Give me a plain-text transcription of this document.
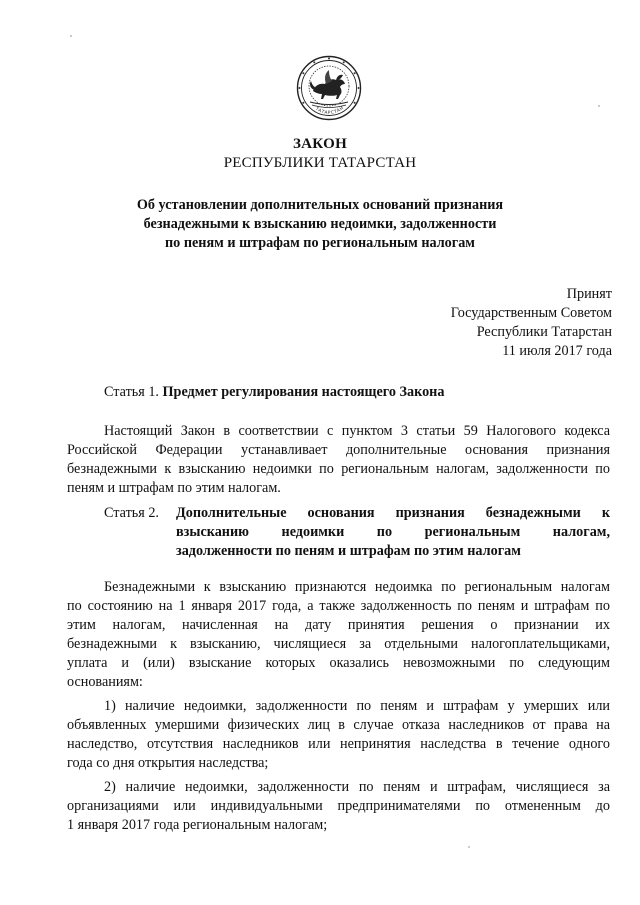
ТАТАРСТАН
ЗАКОН
РЕСПУБЛИКИ ТАТАРСТАН
Об установлении дополнительных оснований признания
безнадежными к взысканию недоимки, задолженности
по пеням и штрафам по региональным налогам
Принят
Государственным Советом
Республики Татарстан
11 июля 2017 года
Статья 1. Предмет регулирования настоящего Закона
Настоящий Закон в соответствии с пунктом 3 статьи 59 Налогового кодекса
Российской Федерации устанавливает дополнительные основания признания
безнадежными к взысканию недоимки по региональным налогам, задолженности по
пеням и штрафам по этим налогам.
Статья 2. Дополнительные основания признания безнадежными к
взысканию недоимки по региональным налогам,
задолженности по пеням и штрафам по этим налогам
Безнадежными к взысканию признаются недоимка по региональным налогам
по состоянию на 1 января 2017 года, а также задолженность по пеням и штрафам по
этим налогам, начисленная на дату принятия решения о признании их
безнадежными к взысканию, числящиеся за отдельными налогоплательщиками,
уплата и (или) взыскание которых оказались невозможными по следующим
основаниям:
1) наличие недоимки, задолженности по пеням и штрафам у умерших или
объявленных умершими физических лиц в случае отказа наследников от права на
наследство, отсутствия наследников или непринятия наследства в течение одного
года со дня открытия наследства;
2) наличие недоимки, задолженности по пеням и штрафам, числящиеся за
организациями или индивидуальными предпринимателями по отмененным до
1 января 2017 года региональным налогам;
